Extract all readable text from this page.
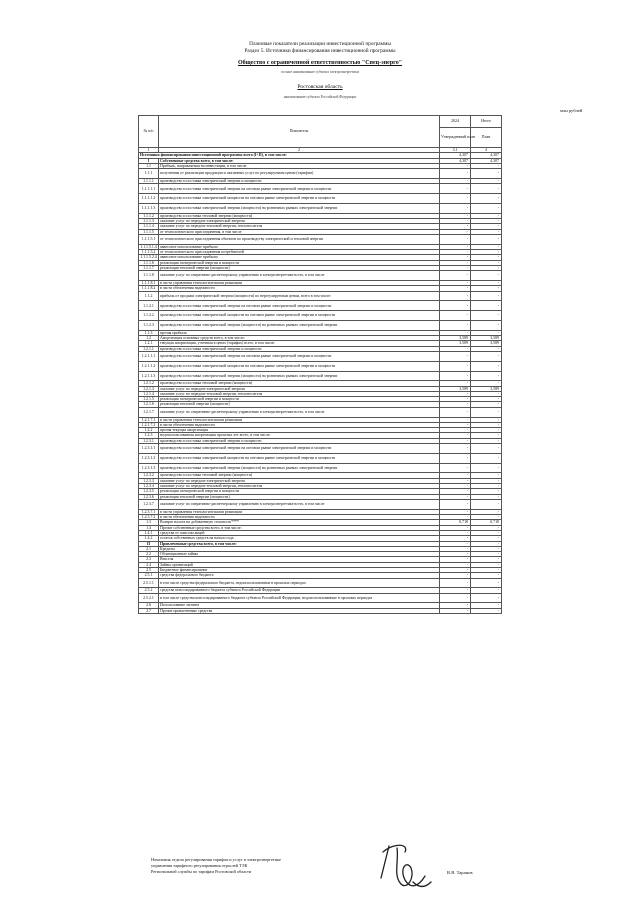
Плановые показатели реализации инвестиционной программы
Раздел 5. Источники финансирования инвестиционной программы
Общество с ограниченной ответственностью "Спец-энерго"
полное наименование субъекта электроэнергетики
Ростовская область
наименование субъекта Российской Федерации
млн рублей
№ п/п	Показатель	2024	Итого
		Утвержденный план	План
1	2	3.1	4
Источники финансирования инвестиционной программы всего (I+II), в том числе:		4,307	4,307
I	Собственные средства всего, в том числе:	4,307	4,307
1.1	Прибыль, направляемая на инвестиции, в том числе:	-	-
1.1.1	полученная от реализации продукции и оказанных услуг по регулируемым ценам (тарифам)	-	-
1.1.1.1	производство и поставка электрической энергии и мощности	-	-
1.1.1.1.1	производство и поставка электрической энергии на оптовом рынке электрической энергии и мощности	-	-
1.1.1.1.2	производство и поставка электрической мощности на оптовом рынке электрической энергии и мощности	-	-
1.1.1.1.3	производство и поставка электрической энергии (мощности) на розничных рынках электрической энергии	-	-
1.1.1.2	производство и поставка тепловой энергии (мощности)	-	-
1.1.1.3	оказание услуг по передаче электрической энергии	-	-
1.1.1.4	оказание услуг по передаче тепловой энергии, теплоносителя	-	-
1.1.1.5	от технологического присоединения, в том числе	-	-
1.1.1.5.1	от технологического присоединения объектов по производству электрической и тепловой энергии	-	-
1.1.1.5.1.4	авансовое использование прибыли	-	-
1.1.1.5.2	от технологического присоединения потребителей	-	-
1.1.1.5.2.4	авансовое использование прибыли	-	-
1.1.1.6	реализация электрической энергии и мощности	-	-
1.1.1.7	реализация тепловой энергии (мощности)	-	-
1.1.1.8	оказание услуг по оперативно-диспетчерскому управлению в электроэнергетике всего, в том числе	-	-
1.1.1.8.1	в части управления технологическими режимами	-	-
1.1.1.8.2	в части обеспечения надежности	-	-
1.1.2	прибыль от продажи электрической энергии (мощности) по нерегулируемым ценам, всего в том числе:	-	-
1.1.2.1	производство и поставка электрической энергии на оптовом рынке электрической энергии и мощности	-	-
1.1.2.2	производство и поставка электрической мощности на оптовом рынке электрической энергии и мощности	-	-
1.1.2.3	производство и поставка электрической энергии (мощности) на розничных рынках электрической энергии	-	-
1.1.3	прочая прибыль	-	-
1.2	Амортизация основных средств всего, в том числе:	3,589	3,589
1.2.1	текущая амортизация, учтенная в ценах (тарифах) всего, в том числе:	3,589	3,589
1.2.1.1	производство и поставка электрической энергии и мощности	-	-
1.2.1.1.1	производство и поставка электрической энергии на оптовом рынке электрической энергии и мощности	-	-
1.2.1.1.2	производство и поставка электрической мощности на оптовом рынке электрической энергии и мощности	-	-
1.2.1.1.3	производство и поставка электрической энергии (мощности) на розничных рынках электрической энергии	-	-
1.2.1.2	производство и поставка тепловой энергии (мощности)	-	-
1.2.1.3	оказание услуг по передаче электрической энергии	3,589	3,589
1.2.1.4	оказание услуг по передаче тепловой энергии, теплоносителя	-	-
1.2.1.5	реализация электрической энергии и мощности	-	-
1.2.1.6	реализация тепловой энергии (мощности)	-	-
1.2.1.7	оказание услуг по оперативно-диспетчерскому управлению в электроэнергетике всего, в том числе	-	-
1.2.1.7.1	в части управления технологическими режимами	-	-
1.2.1.7.2	в части обеспечения надежности	-	-
1.2.2	прочая текущая амортизация	-	-
1.2.3	недоиспользованная амортизация прошлых лет всего, в том числе:	-	-
1.2.3.1	производство и поставка электрической энергии и мощности	-	-
1.2.3.1.1	производство и поставка электрической энергии на оптовом рынке электрической энергии и мощности	-	-
1.2.3.1.2	производство и поставка электрической мощности на оптовом рынке электрической энергии и мощности	-	-
1.2.3.1.3	производство и поставка электрической энергии (мощности) на розничных рынках электрической энергии	-	-
1.2.3.2	производство и поставка тепловой энергии (мощности)	-	-
1.2.3.3	оказание услуг по передаче электрической энергии	-	-
1.2.3.4	оказание услуг по передаче тепловой энергии, теплоносителя	-	-
1.2.3.5	реализация электрической энергии и мощности	-	-
1.2.3.6	реализация тепловой энергии (мощности)	-	-
1.2.3.7	оказание услуг по оперативно-диспетчерскому управлению в электроэнергетике всего, в том числе	-	-
1.2.3.7.1	в части управления технологическими режимами	-	-
1.2.3.7.2	в части обеспечения надежности	-	-
1.3	Возврат налога на добавленную стоимость****	0,718	0,718
1.4	Прочие собственные средства всего, в том числе:	-	-
1.4.1	средства от эмиссии акций	-	-
1.4.2	остаток собственных средств на начало года	-	-
II	Привлеченные средства всего, в том числе:	-	-
2.1	Кредиты	-	-
2.2	Облигационные займы	-	-
2.3	Векселя	-	-
2.4	Займы организаций	-	-
2.5	Бюджетное финансирование	-	-
2.5.1	средства федерального бюджета	-	-
2.5.1.1	в том числе средства федерального бюджета, недоиспользованные в прошлых периодах	-	-
2.5.2	средства консолидированного бюджета субъекта Российской Федерации	-	-
2.5.2.1	в том числе средства консолидированного бюджета субъекта Российской Федерации, недоиспользованные в прошлых периодах	-	-
2.6	Использование лизинга	-	-
2.7	Прочие привлеченные средства	-	-
Начальник отдела регулирования тарифов и услуг в электроэнергетике
управления тарифного регулирования отраслей ТЭК
Региональной службы по тарифам Ростовской области	В.В. Таранов
